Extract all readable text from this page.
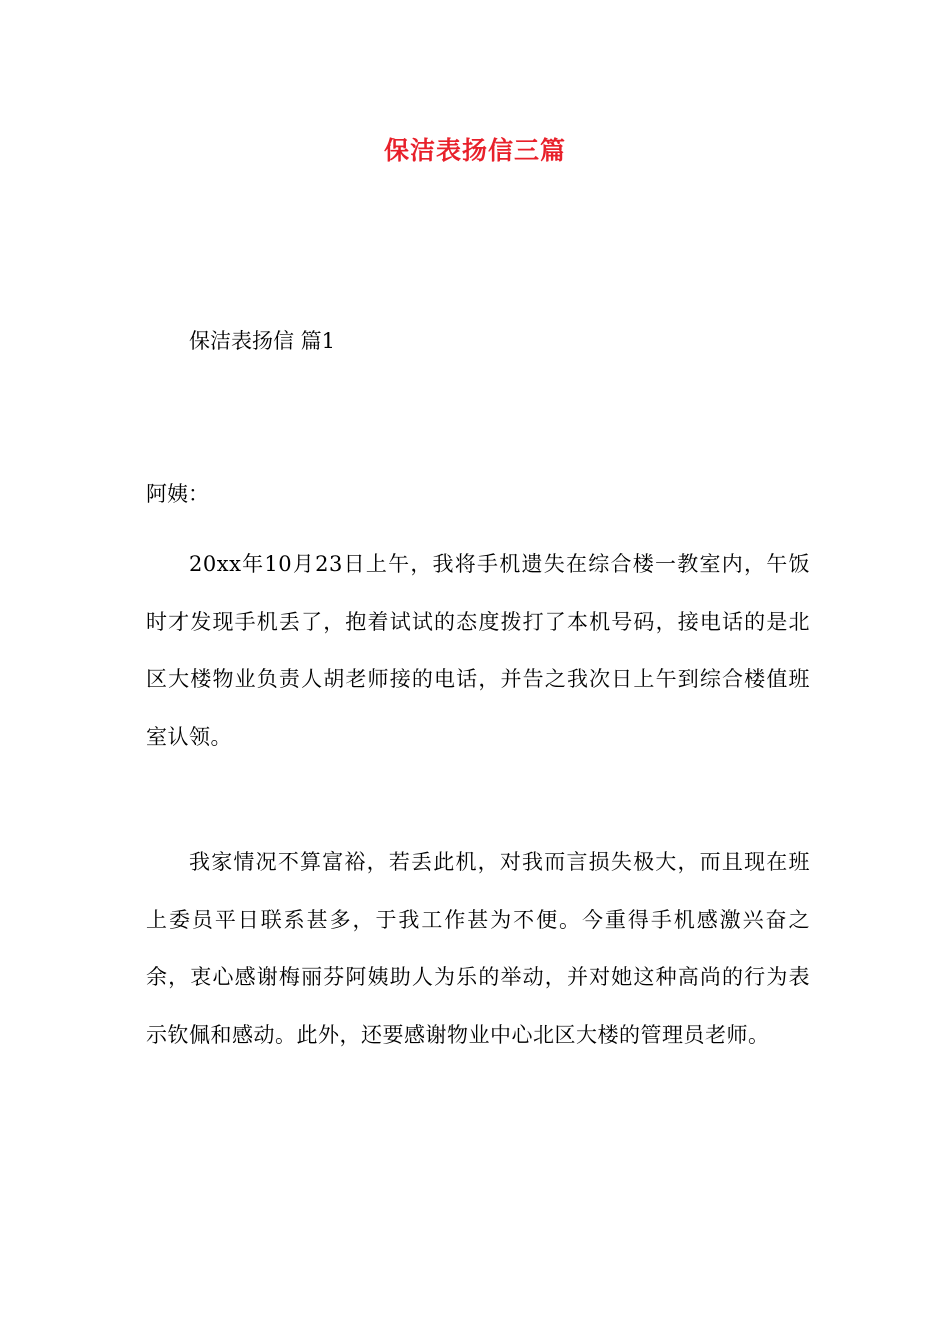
保洁表扬信三篇
保洁表扬信 篇1
阿姨：
20xx年10月23日上午，我将手机遗失在综合楼一教室内，午饭时才发现手机丢了，抱着试试的态度拨打了本机号码，接电话的是北区大楼物业负责人胡老师接的电话，并告之我次日上午到综合楼值班室认领。
我家情况不算富裕，若丢此机，对我而言损失极大，而且现在班上委员平日联系甚多，于我工作甚为不便。今重得手机感激兴奋之余，衷心感谢梅丽芬阿姨助人为乐的举动，并对她这种高尚的行为表示钦佩和感动。此外，还要感谢物业中心北区大楼的管理员老师。
